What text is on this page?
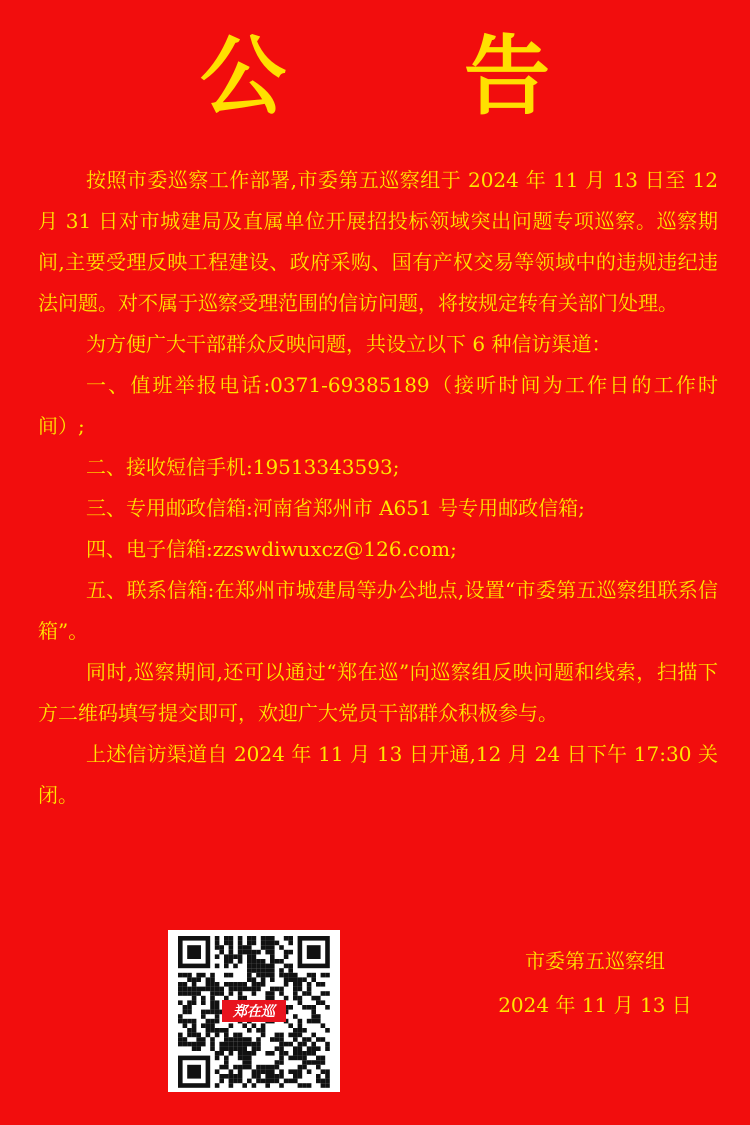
公 告

按照市委巡察工作部署,市委第五巡察组于 2024 年 11 月 13 日至 12 月 31 日对市城建局及直属单位开展招投标领域突出问题专项巡察。巡察期间,主要受理反映工程建设、政府采购、国有产权交易等领域中的违规违纪违法问题。对不属于巡察受理范围的信访问题，将按规定转有关部门处理。

为方便广大干部群众反映问题，共设立以下 6 种信访渠道：

一、值班举报电话:0371-69385189（接听时间为工作日的工作时间）;

二、接收短信手机:19513343593;

三、专用邮政信箱:河南省郑州市 A651 号专用邮政信箱;

四、电子信箱:zzswdiwuxcz@126.com;

五、联系信箱:在郑州市城建局等办公地点,设置“市委第五巡察组联系信箱”。

同时,巡察期间,还可以通过“郑在巡”向巡察组反映问题和线索，扫描下方二维码填写提交即可，欢迎广大党员干部群众积极参与。

上述信访渠道自 2024 年 11 月 13 日开通,12 月 24 日下午 17:30 关闭。

郑在巡
市委第五巡察组
2024 年 11 月 13 日
